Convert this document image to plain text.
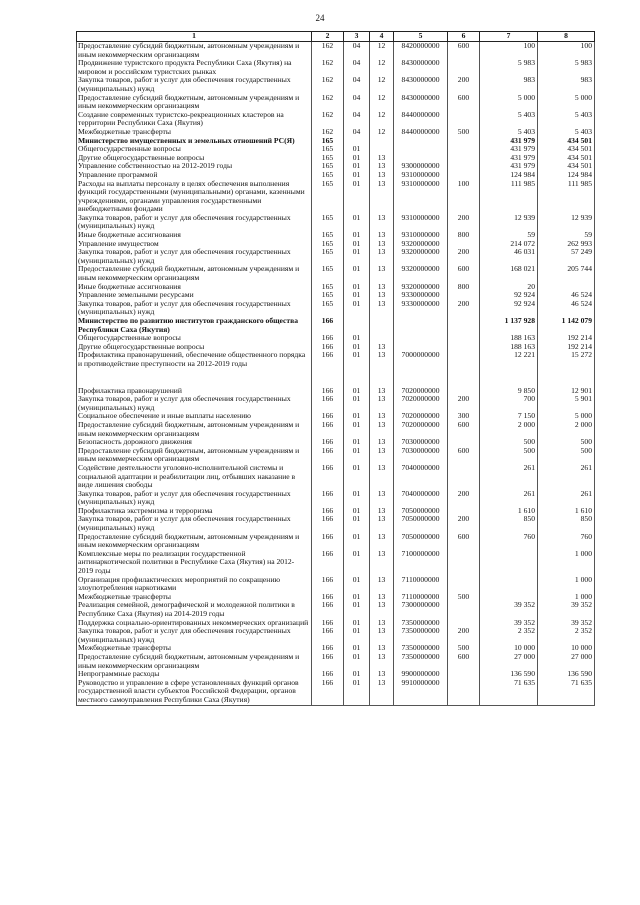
24
1	2	3	4	5	6	7	8
Предоставление субсидий бюджетным, автономным учреждениям и иным некоммерческим организациям	162	04	12	8420000000	600	100	100
Продвижение туристского продукта Республики Саха (Якутия) на мировом и российском туристских рынках	162	04	12	8430000000		5 983	5 983
Закупка товаров, работ и услуг для обеспечения государственных (муниципальных) нужд	162	04	12	8430000000	200	983	983
Предоставление субсидий бюджетным, автономным учреждениям и иным некоммерческим организациям	162	04	12	8430000000	600	5 000	5 000
Создание современных туристско-рекреационных кластеров на территории Республики Саха (Якутия)	162	04	12	8440000000		5 403	5 403
Межбюджетные трансферты	162	04	12	8440000000	500	5 403	5 403
Министерство имущественных и земельных отношений РС(Я)	165					431 979	434 501
Общегосударственные вопросы	165	01				431 979	434 501
Другие общегосударственные вопросы	165	01	13			431 979	434 501
Управление собственностью на 2012-2019 годы	165	01	13	9300000000		431 979	434 501
Управление программой	165	01	13	9310000000		124 984	124 984
Расходы на выплаты персоналу в целях обеспечения выполнения функций государственными (муниципальными) органами, казенными учреждениями, органами управления государственными внебюджетными фондами	165	01	13	9310000000	100	111 985	111 985
Закупка товаров, работ и услуг для обеспечения государственных (муниципальных) нужд	165	01	13	9310000000	200	12 939	12 939
Иные бюджетные ассигнования	165	01	13	9310000000	800	59	59
Управление имуществом	165	01	13	9320000000		214 072	262 993
Закупка товаров, работ и услуг для обеспечения государственных (муниципальных) нужд	165	01	13	9320000000	200	46 031	57 249
Предоставление субсидий бюджетным, автономным учреждениям и иным некоммерческим организациям	165	01	13	9320000000	600	168 021	205 744
Иные бюджетные ассигнования	165	01	13	9320000000	800	20	
Управление земельными ресурсами	165	01	13	9330000000		92 924	46 524
Закупка товаров, работ и услуг для обеспечения государственных (муниципальных) нужд	165	01	13	9330000000	200	92 924	46 524
Министерство по развитию институтов гражданского общества Республики Саха (Якутия)	166					1 137 928	1 142 079
Общегосударственные вопросы	166	01				188 163	192 214
Другие общегосударственные вопросы	166	01	13			188 163	192 214
Профилактика правонарушений, обеспечение общественного порядка и противодействие преступности на 2012-2019 годы	166	01	13	7000000000		12 221	15 272
Профилактика правонарушений	166	01	13	7020000000		9 850	12 901
Закупка товаров, работ и услуг для обеспечения государственных (муниципальных) нужд	166	01	13	7020000000	200	700	5 901
Социальное обеспечение и иные выплаты населению	166	01	13	7020000000	300	7 150	5 000
Предоставление субсидий бюджетным, автономным учреждениям и иным некоммерческим организациям	166	01	13	7020000000	600	2 000	2 000
Безопасность дорожного движения	166	01	13	7030000000		500	500
Предоставление субсидий бюджетным, автономным учреждениям и иным некоммерческим организациям	166	01	13	7030000000	600	500	500
Содействие деятельности уголовно-исполнительной системы и социальной адаптации и реабилитации лиц, отбывших наказание в виде лишения свободы	166	01	13	7040000000		261	261
Закупка товаров, работ и услуг для обеспечения государственных (муниципальных) нужд	166	01	13	7040000000	200	261	261
Профилактика экстремизма и терроризма	166	01	13	7050000000		1 610	1 610
Закупка товаров, работ и услуг для обеспечения государственных (муниципальных) нужд	166	01	13	7050000000	200	850	850
Предоставление субсидий бюджетным, автономным учреждениям и иным некоммерческим организациям	166	01	13	7050000000	600	760	760
Комплексные меры по реализации государственной антинаркотической политики в Республике Саха (Якутия) на 2012-2019 годы	166	01	13	7100000000			1 000
Организация профилактических мероприятий по сокращению злоупотребления наркотиками	166	01	13	7110000000			1 000
Межбюджетные трансферты	166	01	13	7110000000	500		1 000
Реализация семейной, демографической и молодежной политики в Республике Саха (Якутия) на 2014-2019 годы	166	01	13	7300000000		39 352	39 352
Поддержка социально-ориентированных некоммерческих организаций	166	01	13	7350000000		39 352	39 352
Закупка товаров, работ и услуг для обеспечения государственных (муниципальных) нужд	166	01	13	7350000000	200	2 352	2 352
Межбюджетные трансферты	166	01	13	7350000000	500	10 000	10 000
Предоставление субсидий бюджетным, автономным учреждениям и иным некоммерческим организациям	166	01	13	7350000000	600	27 000	27 000
Непрограммные расходы	166	01	13	9900000000		136 590	136 590
Руководство и управление в сфере установленных функций органов государственной власти субъектов Российской Федерации, органов местного самоуправления Республики Саха (Якутия)	166	01	13	9910000000		71 635	71 635
